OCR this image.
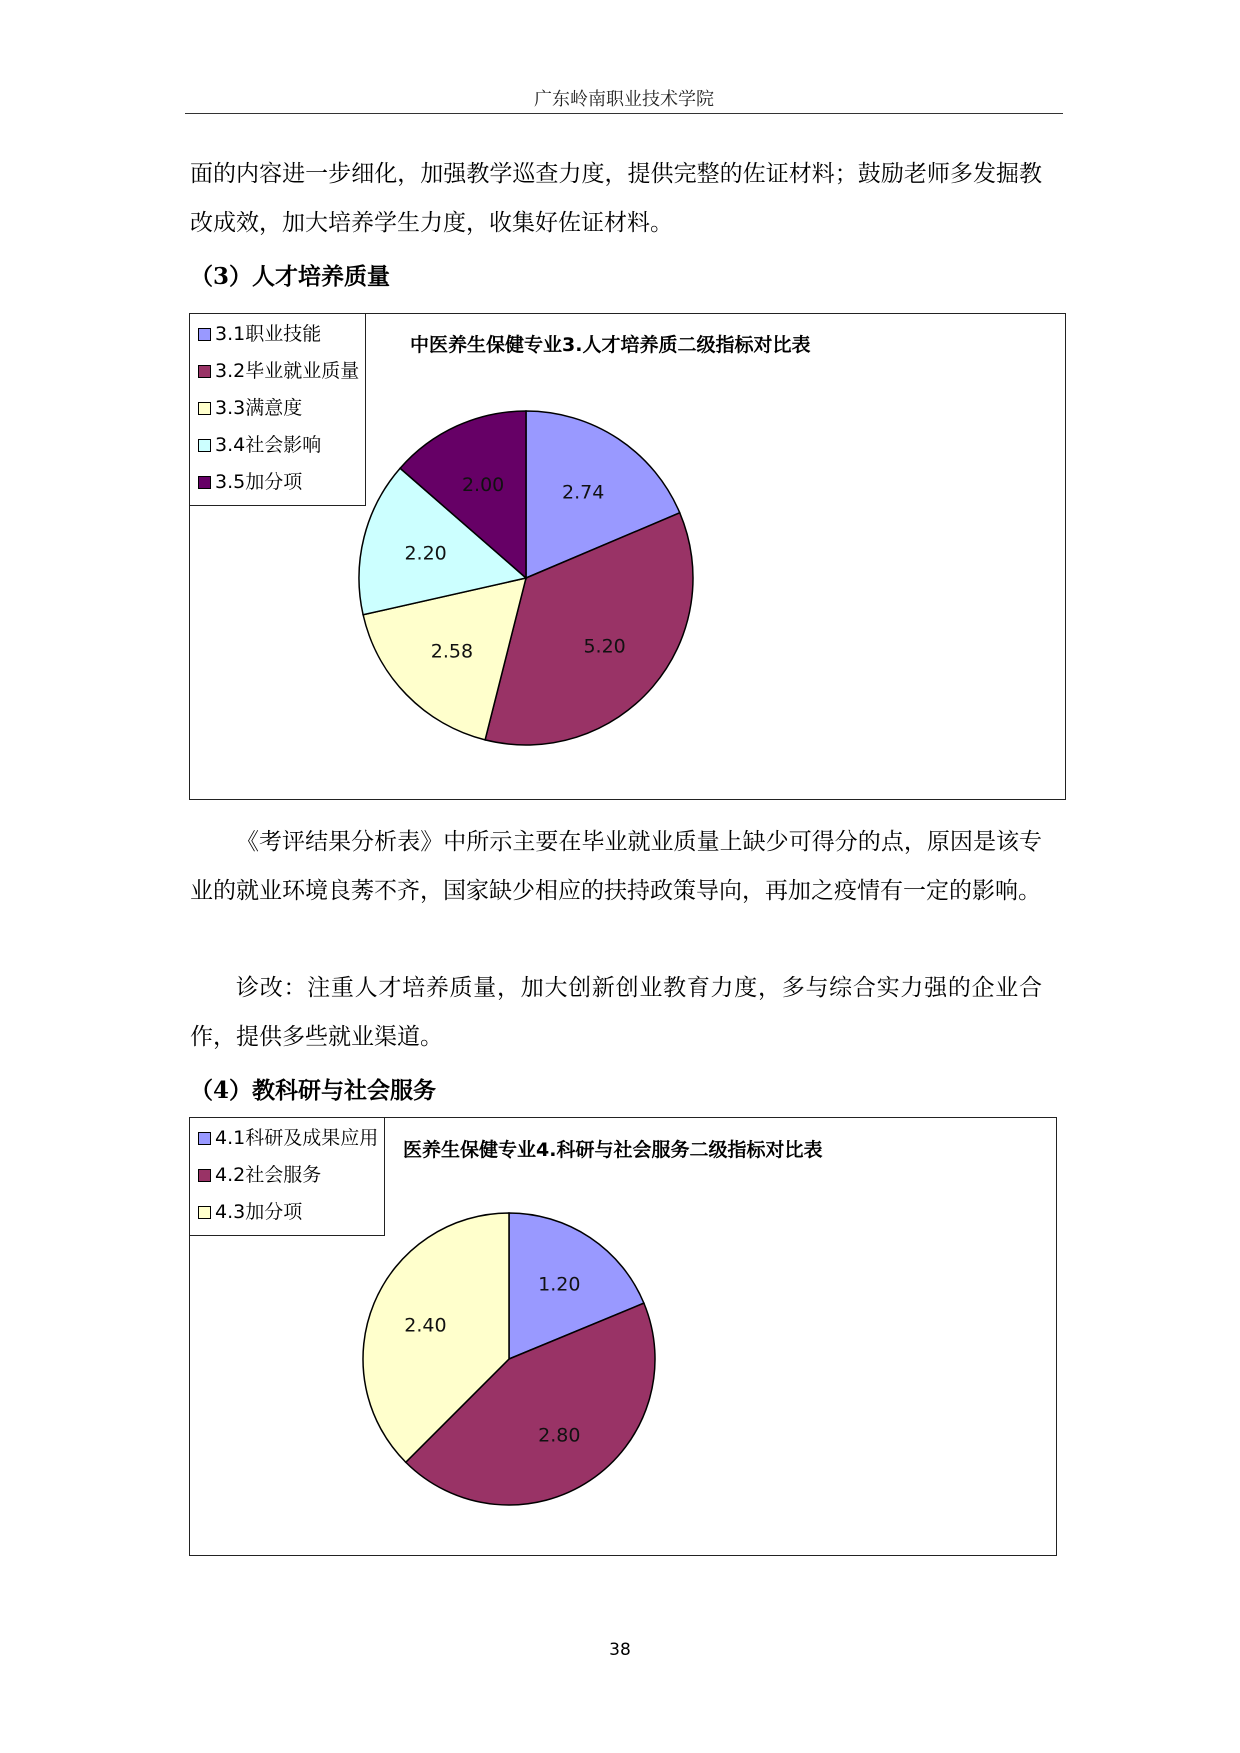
广东岭南职业技术学院

面的内容进一步细化，加强教学巡查力度，提供完整的佐证材料；鼓励老师多发掘教改成效，加大培养学生力度，收集好佐证材料。

（3）人才培养质量

2.74
5.20
2.58
2.20
2.00
3.1职业技能
3.2毕业就业质量
3.3满意度
3.4社会影响
3.5加分项
中医养生保健专业3.人才培养质二级指标对比表

《考评结果分析表》中所示主要在毕业就业质量上缺少可得分的点，原因是该专业的就业环境良莠不齐，国家缺少相应的扶持政策导向，再加之疫情有一定的影响。

诊改：注重人才培养质量，加大创新创业教育力度，多与综合实力强的企业合作，提供多些就业渠道。

（4）教科研与社会服务

1.20
2.80
2.40
4.1科研及成果应用
4.2社会服务
4.3加分项
医养生保健专业4.科研与社会服务二级指标对比表
38
